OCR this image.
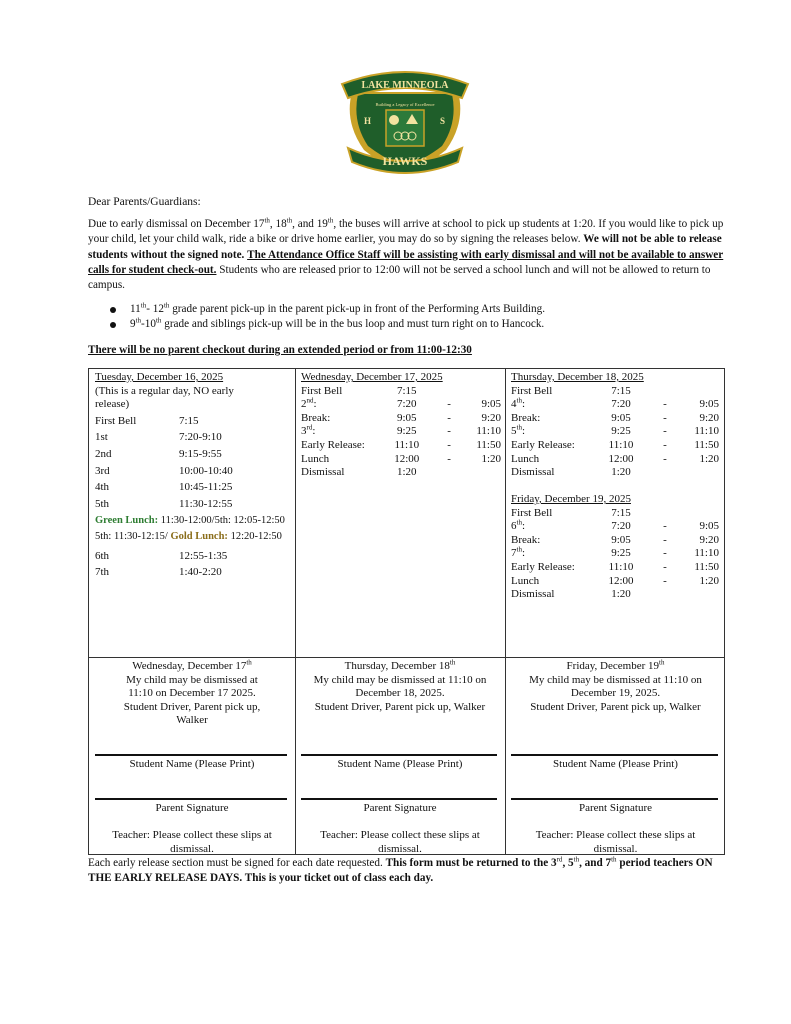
LAKE MINNEOLA
Building a Legacy of Excellence
H	S
HAWKS
Dear Parents/Guardians:
Due to early dismissal on December 17th, 18th, and 19th, the buses will arrive at school to pick up students at 1:20. If you would like to pick up your child, let your child walk, ride a bike or drive home earlier, you may do so by signing the releases below. We will not be able to release students without the signed note. The Attendance Office Staff will be assisting with early dismissal and will not be available to answer calls for student check-out. Students who are released prior to 12:00 will not be served a school lunch and will not be allowed to return to campus.
11th- 12th grade parent pick-up in the parent pick-up in front of the Performing Arts Building.
9th-10th grade and siblings pick-up will be in the bus loop and must turn right on to Hancock.
There will be no parent checkout during an extended period or from 11:00-12:30
Tuesday, December 16, 2025
(This is a regular day, NO early release)
First Bell	7:15
1st	7:20-9:10
2nd	9:15-9:55
3rd	10:00-10:40
4th	10:45-11:25
5th	11:30-12:55
Green Lunch: 11:30-12:00/5th: 12:05-12:50
5th: 11:30-12:15/ Gold Lunch: 12:20-12:50
6th	12:55-1:35
7th	1:40-2:20
Wednesday, December 17, 2025
First Bell	7:15
2nd:	7:20	-	9:05
Break:	9:05	-	9:20
3rd:	9:25	-	11:10
Early Release:	11:10	-	11:50
Lunch	12:00	-	1:20
Dismissal	1:20
Thursday, December 18, 2025
First Bell	7:15
4th:	7:20	-	9:05
Break:	9:05	-	9:20
5th:	9:25	-	11:10
Early Release:	11:10	-	11:50
Lunch	12:00	-	1:20
Dismissal	1:20
Friday, December 19, 2025
First Bell	7:15
6th:	7:20	-	9:05
Break:	9:05	-	9:20
7th:	9:25	-	11:10
Early Release:	11:10	-	11:50
Lunch	12:00	-	1:20
Dismissal	1:20
Wednesday, December 17th
My child may be dismissed at
11:10 on December 17 2025.
Student Driver, Parent pick up,
Walker
Student Name (Please Print)
Parent Signature
Teacher: Please collect these slips at
dismissal.
Thursday, December 18th
My child may be dismissed at 11:10 on
December 18, 2025.
Student Driver, Parent pick up, Walker
Student Name (Please Print)
Parent Signature
Teacher: Please collect these slips at
dismissal.
Friday, December 19th
My child may be dismissed at 11:10 on
December 19, 2025.
Student Driver, Parent pick up, Walker
Student Name (Please Print)
Parent Signature
Teacher: Please collect these slips at
dismissal.
Each early release section must be signed for each date requested. This form must be returned to the 3rd, 5th, and 7th period teachers ON THE EARLY RELEASE DAYS. This is your ticket out of class each day.
